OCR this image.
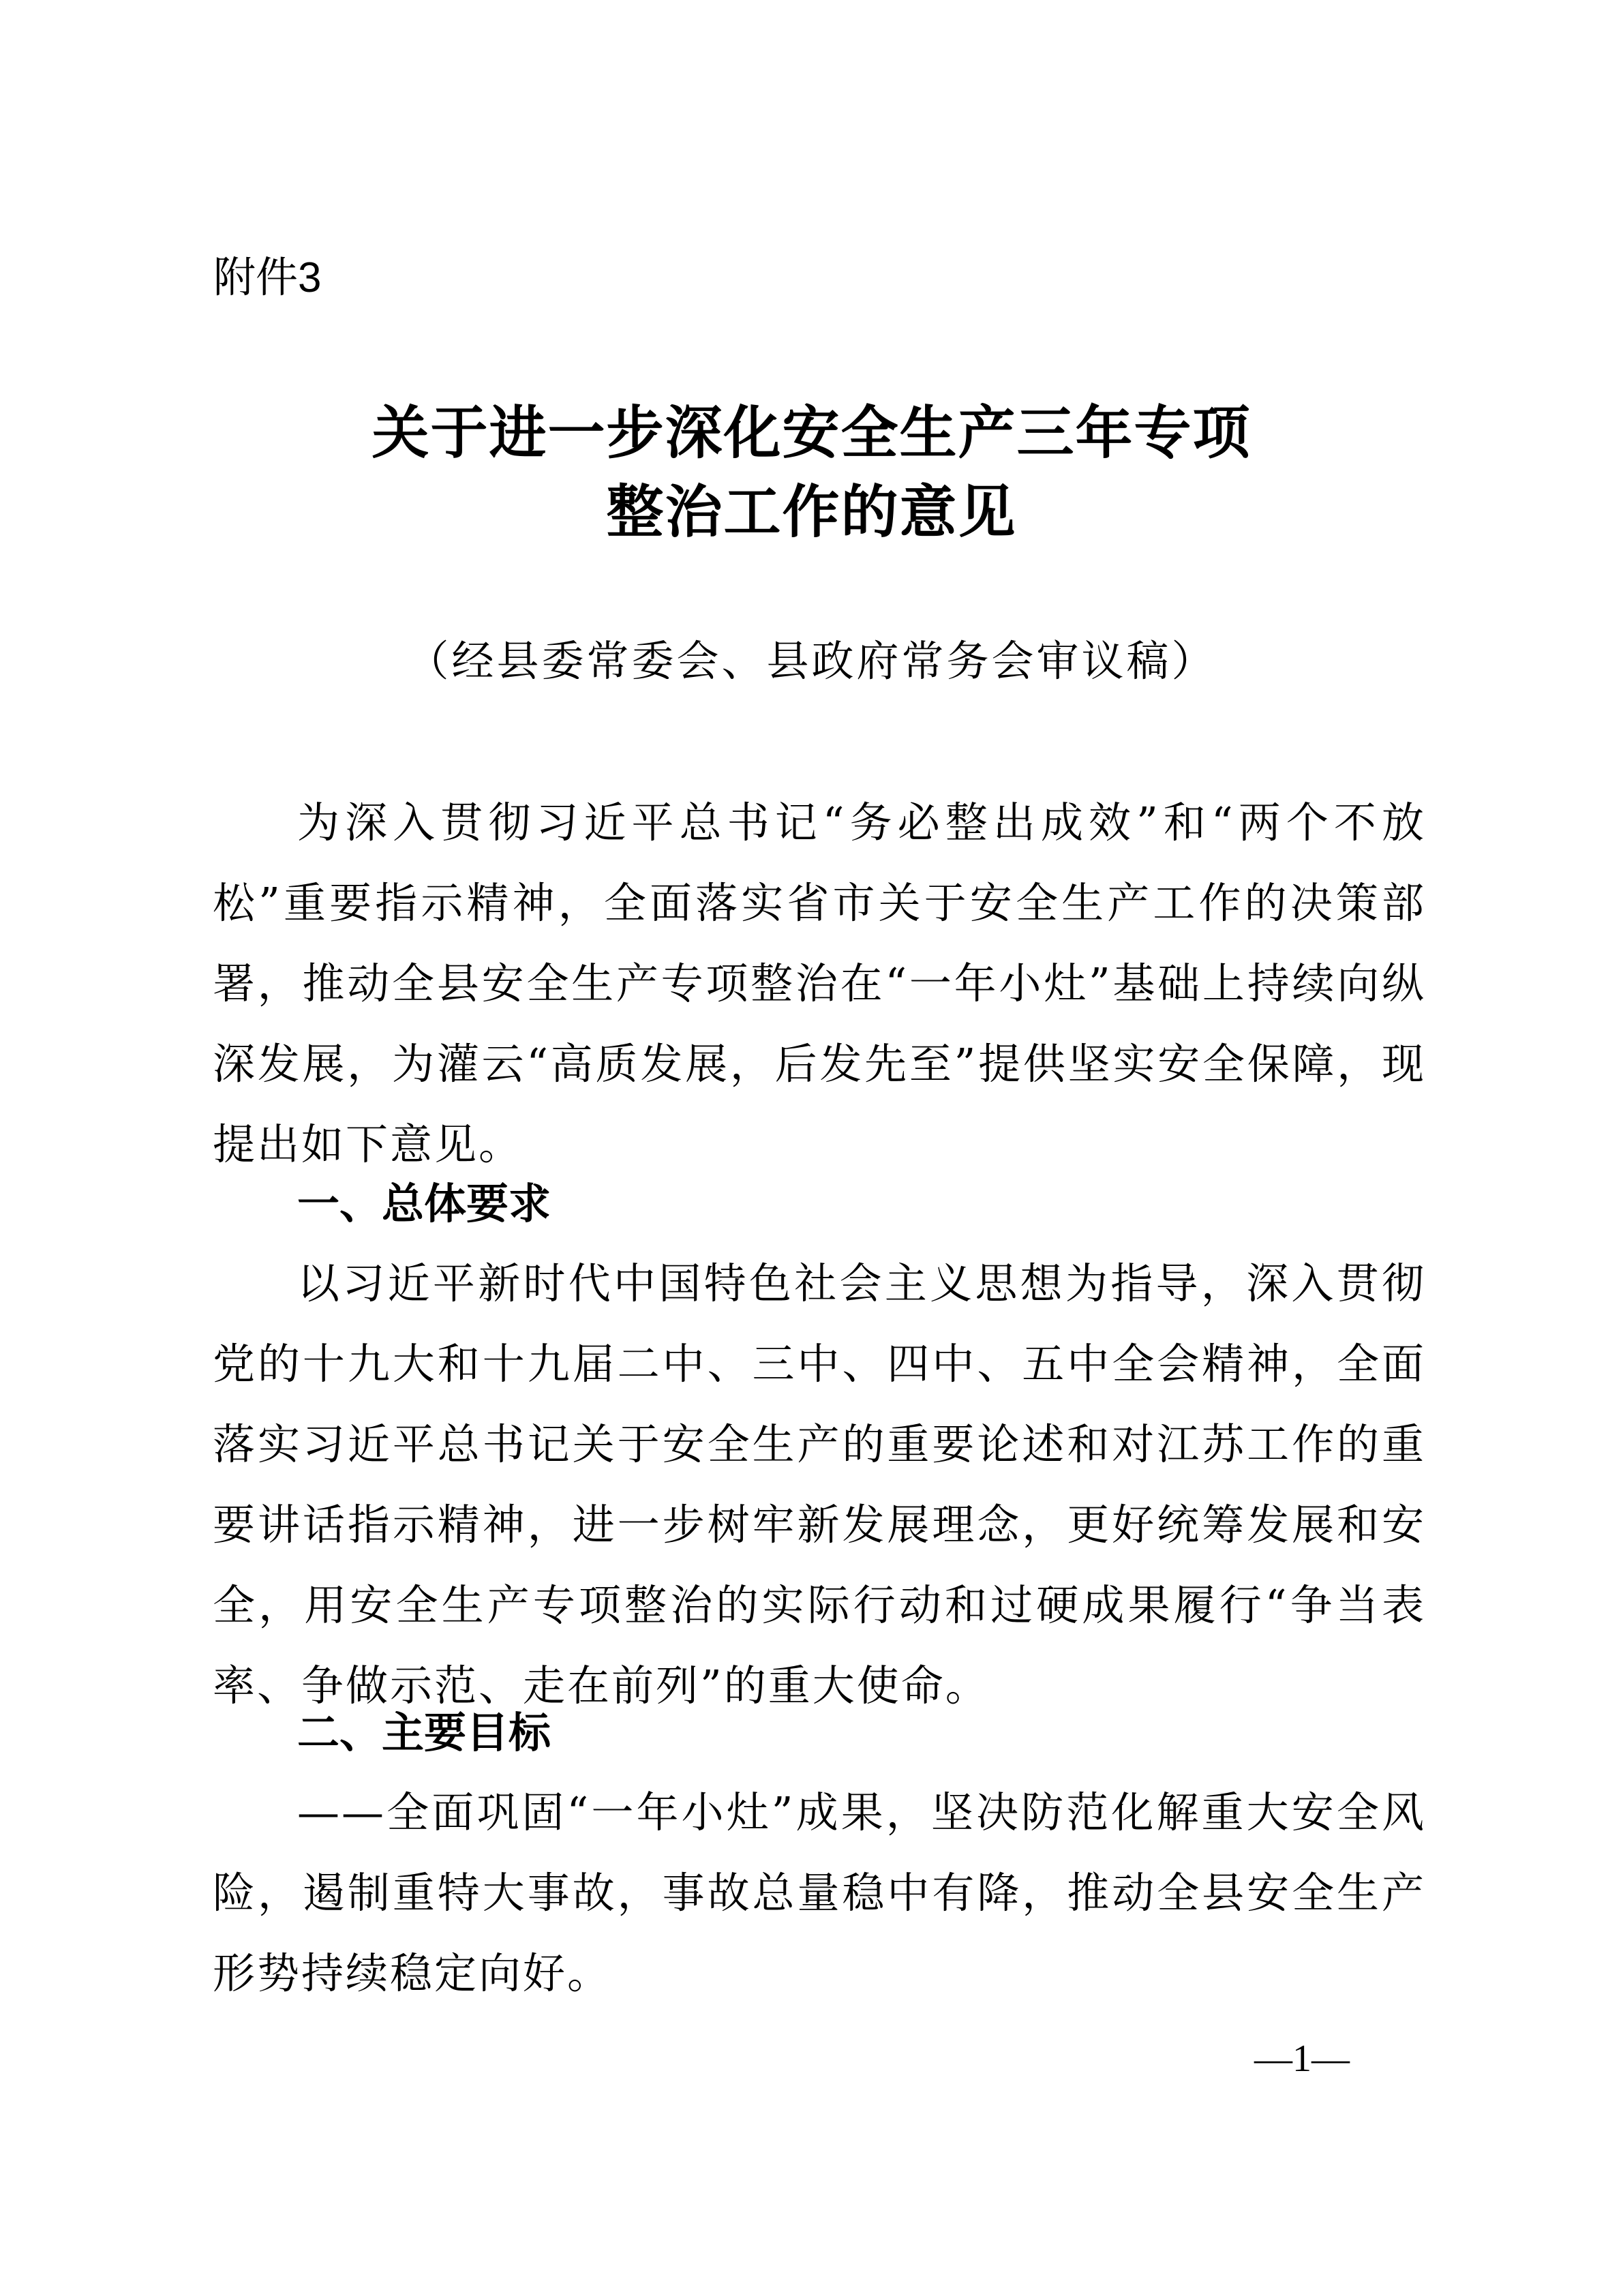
附件3
关于进一步深化安全生产三年专项
整治工作的意见
（经县委常委会、县政府常务会审议稿）
为深入贯彻习近平总书记“务必整出成效”和“两个不放松”重要指示精神，全面落实省市关于安全生产工作的决策部署，推动全县安全生产专项整治在“一年小灶”基础上持续向纵深发展，为灌云“高质发展，后发先至”提供坚实安全保障，现提出如下意见。
一、总体要求
以习近平新时代中国特色社会主义思想为指导，深入贯彻党的十九大和十九届二中、三中、四中、五中全会精神，全面落实习近平总书记关于安全生产的重要论述和对江苏工作的重要讲话指示精神，进一步树牢新发展理念，更好统筹发展和安全，用安全生产专项整治的实际行动和过硬成果履行“争当表率、争做示范、走在前列”的重大使命。
二、主要目标
——全面巩固“一年小灶”成果，坚决防范化解重大安全风险，遏制重特大事故，事故总量稳中有降，推动全县安全生产形势持续稳定向好。
—1—
